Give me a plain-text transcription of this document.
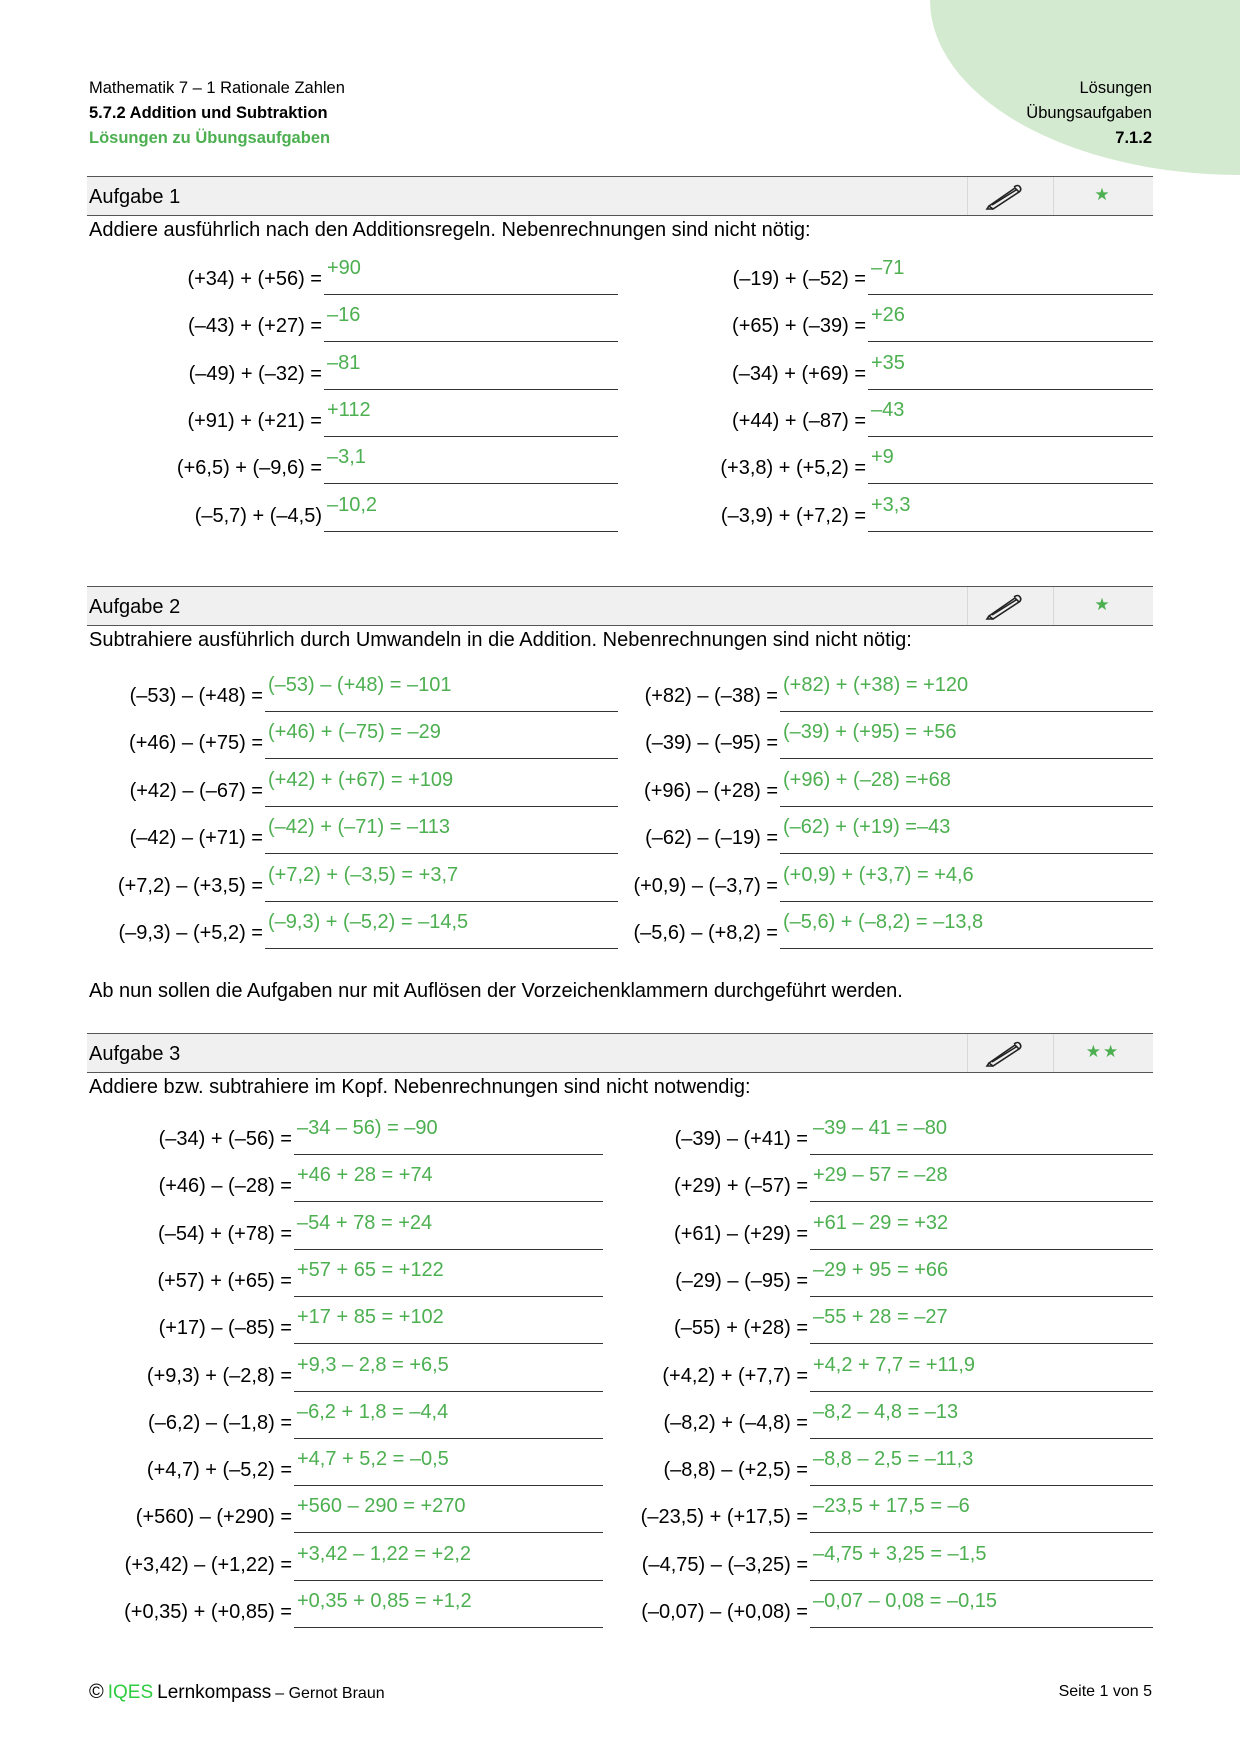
Mathematik 7 – 1 Rationale Zahlen
5.7.2 Addition und Subtraktion
Lösungen zu Übungsaufgaben
Lösungen
Übungsaufgaben
7.1.2
Aufgabe 1	★
Addiere ausführlich nach den Additionsregeln. Nebenrechnungen sind nicht nötig:
(+34) + (+56) = +90
(–43) + (+27) = –16
(–49) + (–32) = –81
(+91) + (+21) = +112
(+6,5) + (–9,6) = –3,1
(–5,7) + (–4,5) –10,2
(–19) + (–52) = –71
(+65) + (–39) = +26
(–34) + (+69) = +35
(+44) + (–87) = –43
(+3,8) + (+5,2) = +9
(–3,9) + (+7,2) = +3,3
Aufgabe 2	★
Subtrahiere ausführlich durch Umwandeln in die Addition. Nebenrechnungen sind nicht nötig:
(–53) – (+48) = (–53) – (+48) = –101
(+46) – (+75) = (+46) + (–75) = –29
(+42) – (–67) = (+42) + (+67) = +109
(–42) – (+71) = (–42) + (–71) = –113
(+7,2) – (+3,5) = (+7,2) + (–3,5) = +3,7
(–9,3) – (+5,2) = (–9,3) + (–5,2) = –14,5
(+82) – (–38) = (+82) + (+38) = +120
(–39) – (–95) = (–39) + (+95) = +56
(+96) – (+28) = (+96) + (–28) =+68
(–62) – (–19) = (–62) + (+19) =–43
(+0,9) – (–3,7) = (+0,9) + (+3,7) = +4,6
(–5,6) – (+8,2) = (–5,6) + (–8,2) = –13,8
Ab nun sollen die Aufgaben nur mit Auflösen der Vorzeichenklammern durchgeführt werden.
Aufgabe 3	★★
Addiere bzw. subtrahiere im Kopf. Nebenrechnungen sind nicht notwendig:
(–34) + (–56) = –34 – 56) = –90
(+46) – (–28) = +46 + 28 = +74
(–54) + (+78) = –54 + 78 = +24
(+57) + (+65) = +57 + 65 = +122
(+17) – (–85) = +17 + 85 = +102
(+9,3) + (–2,8) = +9,3 – 2,8 = +6,5
(–6,2) – (–1,8) = –6,2 + 1,8 = –4,4
(+4,7) + (–5,2) = +4,7 + 5,2 = –0,5
(+560) – (+290) = +560 – 290 = +270
(+3,42) – (+1,22) = +3,42 – 1,22 = +2,2
(+0,35) + (+0,85) = +0,35 + 0,85 = +1,2
(–39) – (+41) = –39 – 41 = –80
(+29) + (–57) = +29 – 57 = –28
(+61) – (+29) = +61 – 29 = +32
(–29) – (–95) = –29 + 95 = +66
(–55) + (+28) = –55 + 28 = –27
(+4,2) + (+7,7) = +4,2 + 7,7 = +11,9
(–8,2) + (–4,8) = –8,2 – 4,8 = –13
(–8,8) – (+2,5) = –8,8 – 2,5 = –11,3
(–23,5) + (+17,5) = –23,5 + 17,5 = –6
(–4,75) – (–3,25) = –4,75 + 3,25 = –1,5
(–0,07) – (+0,08) = –0,07 – 0,08 = –0,15
© IQES Lernkompass – Gernot Braun	Seite 1 von 5
